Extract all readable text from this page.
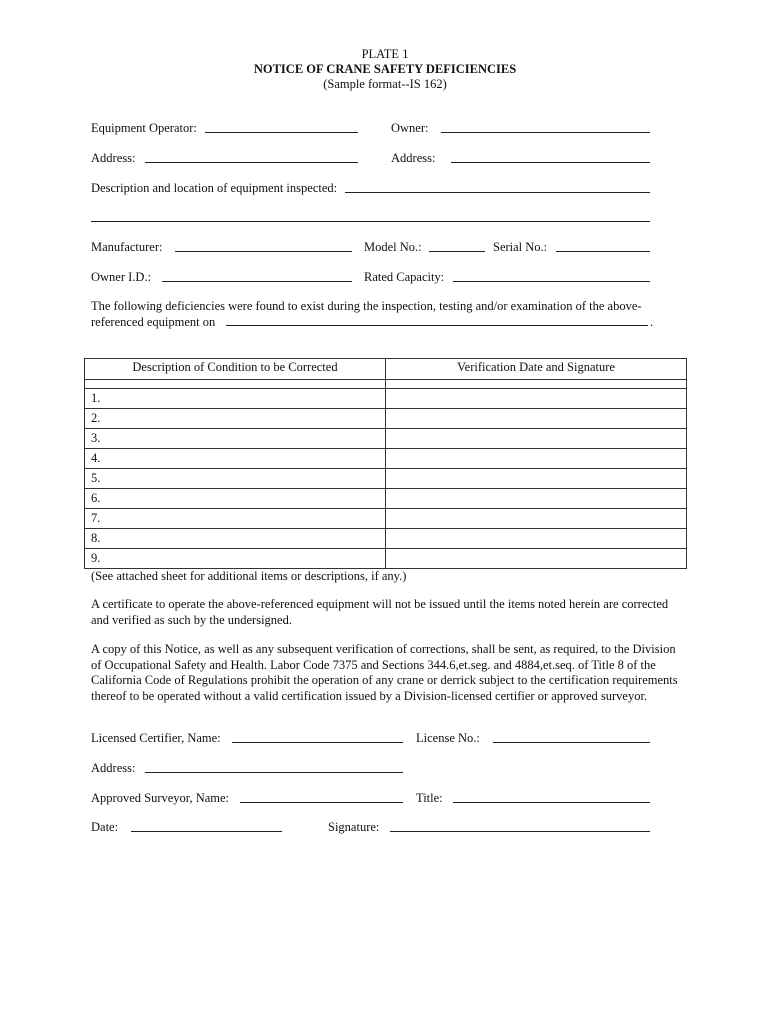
PLATE 1
NOTICE OF CRANE SAFETY DEFICIENCIES
(Sample format--IS 162)
Equipment Operator:	Owner:
Address:	Address:
Description and location of equipment inspected:
Manufacturer:	Model No.:	Serial No.:
Owner I.D.:	Rated Capacity:
The following deficiencies were found to exist during the inspection, testing and/or examination of the above-
referenced equipment on	.
Description of Condition to be Corrected	Verification Date and Signature

1.	
2.	
3.	
4.	
5.	
6.	
7.	
8.	
9.	
(See attached sheet for additional items or descriptions, if any.)
A certificate to operate the above-referenced equipment will not be issued until the items noted herein are corrected and verified as such by the undersigned.
A copy of this Notice, as well as any subsequent verification of corrections, shall be sent, as required, to the Division of Occupational Safety and Health. Labor Code 7375 and Sections 344.6,et.seg. and 4884,et.seq. of Title 8 of the California Code of Regulations prohibit the operation of any crane or derrick subject to the certification requirements thereof to be operated without a valid certification issued by a Division-licensed certifier or approved surveyor.
Licensed Certifier, Name:	License No.:
Address:
Approved Surveyor, Name:	Title:
Date:	Signature:
